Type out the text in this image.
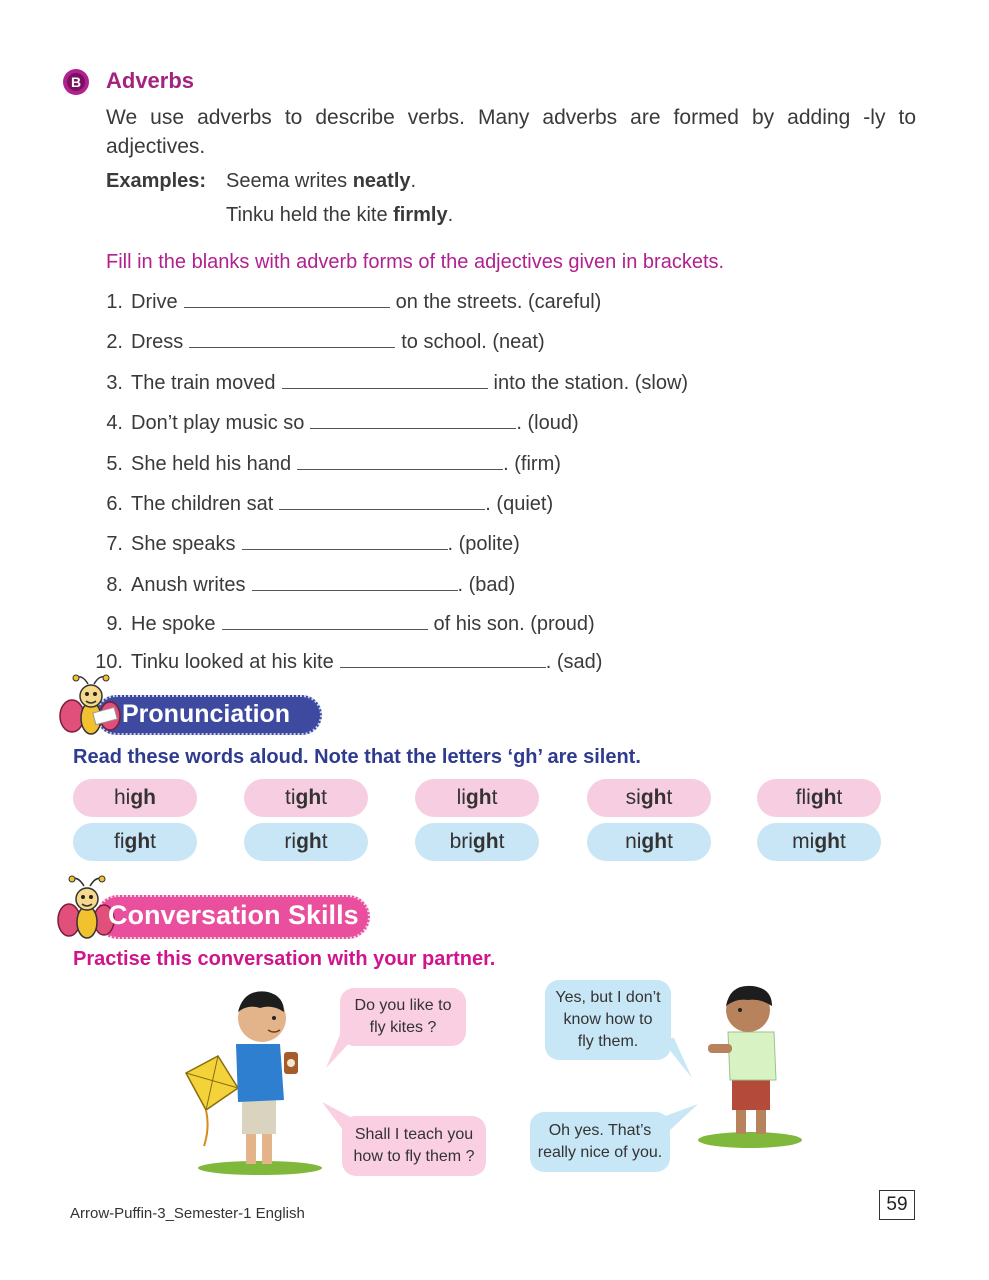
B Adverbs
We use adverbs to describe verbs. Many adverbs are formed by adding -ly to adjectives.
Examples: Seema writes neatly.
Tinku held the kite firmly.
Fill in the blanks with adverb forms of the adjectives given in brackets.
1. Drive	on the streets. (careful)
2. Dress	to school. (neat)
3. The train moved	into the station. (slow)
4. Don’t play music so	. (loud)
5. She held his hand	. (firm)
6. The children sat	. (quiet)
7. She speaks	. (polite)
8. Anush writes	. (bad)
9. He spoke	of his son. (proud)
10. Tinku looked at his kite	. (sad)
Pronunciation
Read these words aloud. Note that the letters ‘gh’ are silent.
hi gh	ti gh t	li gh t	si gh t	fli gh t
fi gh t	ri gh t	bri gh t	ni gh t	mi gh t
Conversation Skills
Practise this conversation with your partner.
Do you like to
fly kites ?
Yes, but I don’t
know how to
fly them.
Shall I teach you
how to fly them ?
Oh yes. That’s
really nice of you.
Arrow-Puffin-3_Semester-1 English	59
